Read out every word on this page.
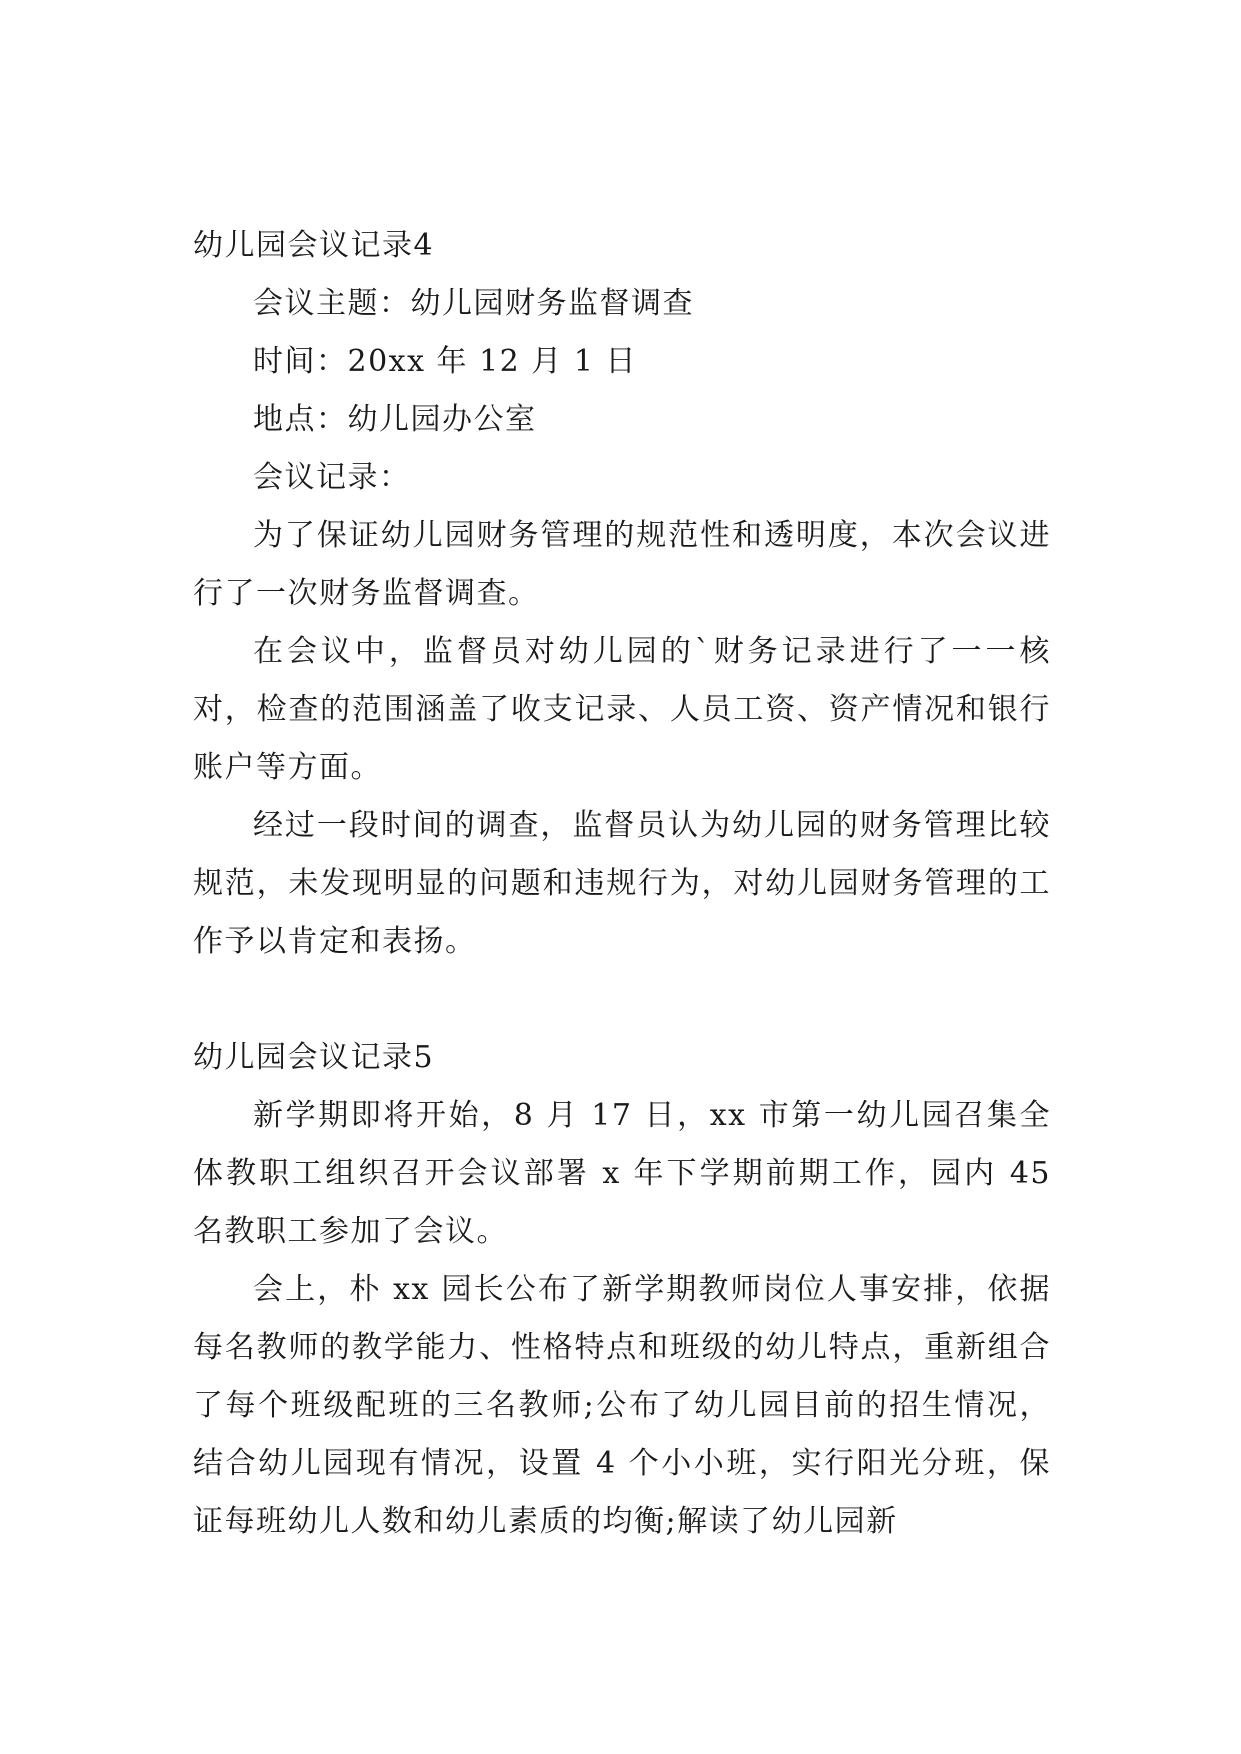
幼儿园会议记录4
会议主题：幼儿园财务监督调查
时间：20xx 年 12 月 1 日
地点：幼儿园办公室
会议记录：
为了保证幼儿园财务管理的规范性和透明度，本次会议进行了一次财务监督调查。
在会议中，监督员对幼儿园的`财务记录进行了一一核对，检查的范围涵盖了收支记录、人员工资、资产情况和银行账户等方面。
经过一段时间的调查，监督员认为幼儿园的财务管理比较规范，未发现明显的问题和违规行为，对幼儿园财务管理的工作予以肯定和表扬。
幼儿园会议记录5
新学期即将开始，8 月 17 日，xx 市第一幼儿园召集全体教职工组织召开会议部署 x 年下学期前期工作，园内 45 名教职工参加了会议。
会上，朴 xx 园长公布了新学期教师岗位人事安排，依据每名教师的教学能力、性格特点和班级的幼儿特点，重新组合了每个班级配班的三名教师;公布了幼儿园目前的招生情况，结合幼儿园现有情况，设置 4 个小小班，实行阳光分班，保证每班幼儿人数和幼儿素质的均衡;解读了幼儿园新
